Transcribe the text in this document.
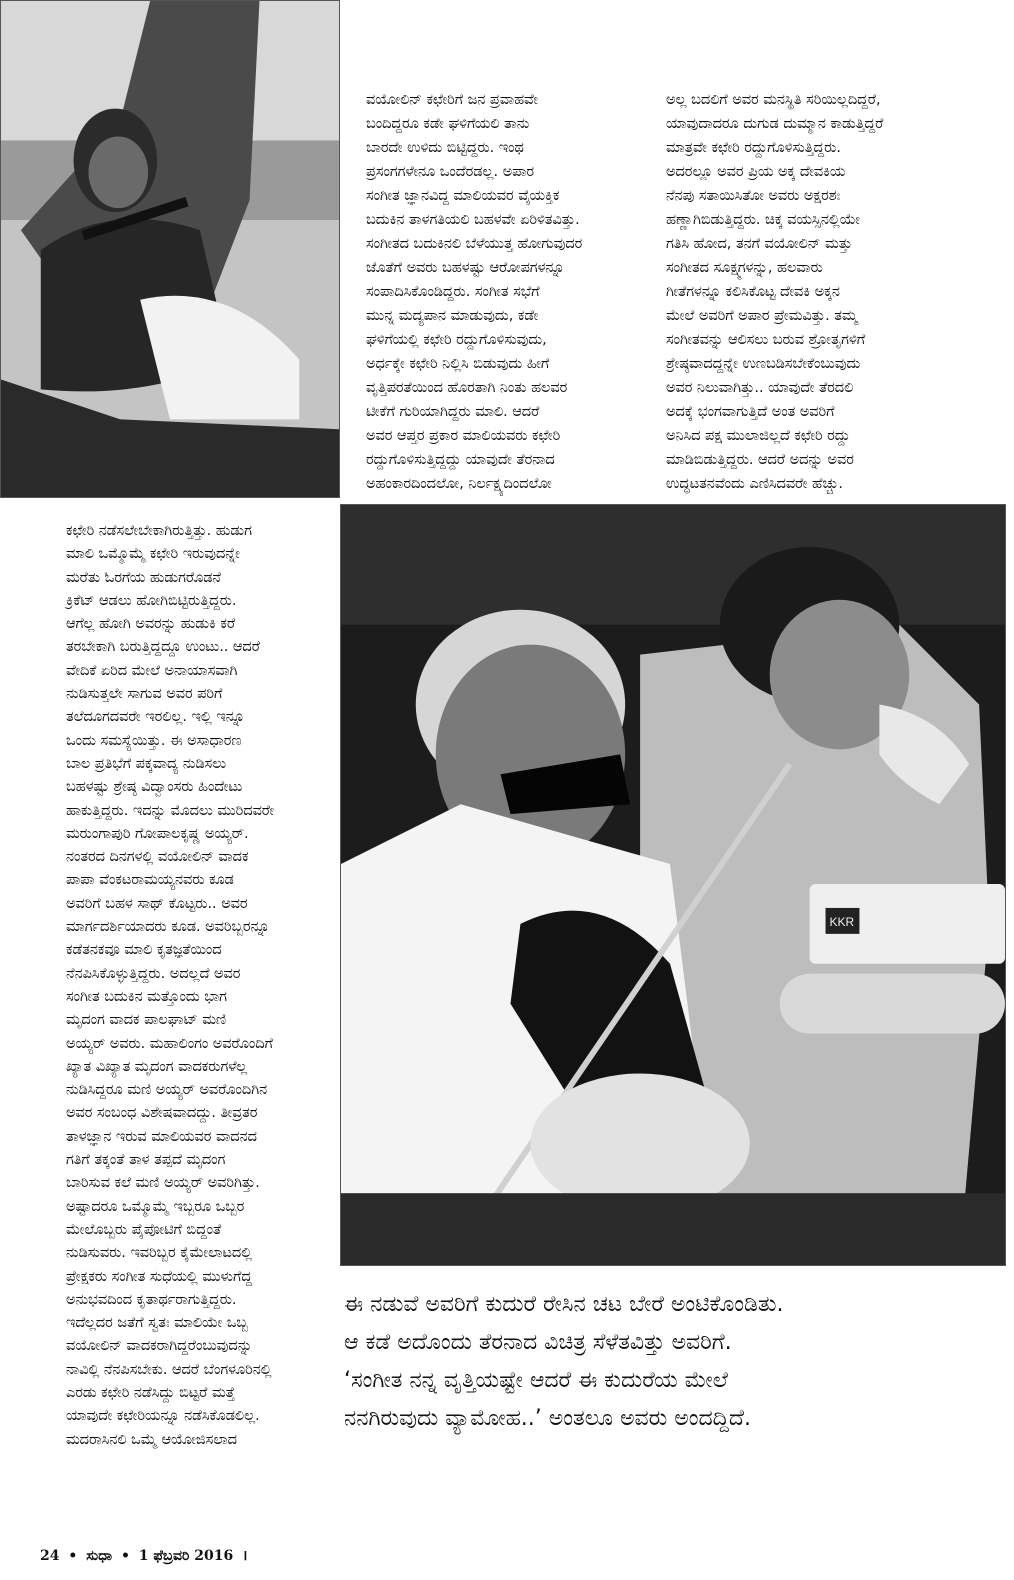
ವಯೋಲಿನ್ ಕಛೇರಿಗೆ ಜನ ಪ್ರವಾಹವೇ

ಬಂದಿದ್ದರೂ ಕಡೇ ಘಳಿಗೆಯಲಿ ತಾನು

ಬಾರದೇ ಉಳಿದು ಬಿಟ್ಟಿದ್ದರು. ಇಂಥ

ಪ್ರಸಂಗಗಳೇನೂ ಒಂದೆರಡಲ್ಲ. ಅಪಾರ

ಸಂಗೀತ ಜ್ಞಾನವಿದ್ದ ಮಾಲಿಯವರ ವೈಯಕ್ತಿಕ

ಬದುಕಿನ ತಾಳಗತಿಯಲಿ ಬಹಳವೇ ಏರಿಳಿತವಿತ್ತು.

ಸಂಗೀತದ ಬದುಕಿನಲಿ ಬೆಳೆಯುತ್ತ ಹೋಗುವುದರ

ಜೊತೆಗೆ ಅವರು ಬಹಳಷ್ಟು ಆರೋಪಗಳನ್ನೂ

ಸಂಪಾದಿಸಿಕೊಂಡಿದ್ದರು. ಸಂಗೀತ ಸಭೆಗೆ

ಮುನ್ನ ಮದ್ಯಪಾನ ಮಾಡುವುದು, ಕಡೇ

ಘಳಿಗೆಯಲ್ಲಿ ಕಛೇರಿ ರದ್ದುಗೊಳಿಸುವುದು,

ಅರ್ಧಕ್ಕೇ ಕಛೇರಿ ನಿಲ್ಲಿಸಿ ಬಿಡುವುದು ಹೀಗೆ

ವೃತ್ತಿಪರತೆಯಿಂದ ಹೊರತಾಗಿ ನಿಂತು ಹಲವರ

ಟೀಕೆಗೆ ಗುರಿಯಾಗಿದ್ದರು ಮಾಲಿ. ಆದರೆ

ಅವರ ಆಪ್ತರ ಪ್ರಕಾರ ಮಾಲಿಯವರು ಕಛೇರಿ

ರದ್ದುಗೊಳಿಸುತ್ತಿದ್ದದ್ದು ಯಾವುದೇ ತೆರನಾದ

ಅಹಂಕಾರದಿಂದಲೋ, ನಿರ್ಲಕ್ಷ್ಯದಿಂದಲೋ

ಅಲ್ಲ ಬದಲಿಗೆ ಅವರ ಮನಸ್ಥಿತಿ ಸರಿಯಿಲ್ಲದಿದ್ದರೆ,

ಯಾವುದಾದರೂ ದುಗುಡ ದುಮ್ಮಾನ ಕಾಡುತ್ತಿದ್ದರೆ

ಮಾತ್ರವೇ ಕಛೇರಿ ರದ್ದುಗೊಳಿಸುತ್ತಿದ್ದರು.

ಅದರಲ್ಲೂ ಅವರ ಪ್ರಿಯ ಅಕ್ಕ ದೇವಕಿಯ

ನೆನಪು ಸತಾಯಿಸಿತೋ ಅವರು ಅಕ್ಷರಶಃ

ಹಣ್ಣಾಗಿಬಿಡುತ್ತಿದ್ದರು. ಚಿಕ್ಕ ವಯಸ್ಸಿನಲ್ಲಿಯೇ

ಗತಿಸಿ ಹೋದ, ತನಗೆ ವಯೋಲಿನ್ ಮತ್ತು

ಸಂಗೀತದ ಸೂಕ್ಷ್ಮಗಳನ್ನು, ಹಲವಾರು

ಗೀತೆಗಳನ್ನೂ ಕಲಿಸಿಕೊಟ್ಟ ದೇವಕಿ ಅಕ್ಕನ

ಮೇಲೆ ಅವರಿಗೆ ಅಪಾರ ಪ್ರೇಮವಿತ್ತು. ತಮ್ಮ

ಸಂಗೀತವನ್ನು ಆಲಿಸಲು ಬರುವ ಶ್ರೋತೃಗಳಿಗೆ

ಶ್ರೇಷ್ಠವಾದದ್ದನ್ನೇ ಉಣಬಡಿಸಬೇಕೆಂಬುವುದು

ಅವರ ನಿಲುವಾಗಿತ್ತು.. ಯಾವುದೇ ತೆರದಲಿ

ಅದಕ್ಕೆ ಭಂಗವಾಗುತ್ತಿದೆ ಅಂತ ಅವರಿಗೆ

ಅನಿಸಿದ ಪಕ್ಷ ಮುಲಾಜಿಲ್ಲದೆ ಕಛೇರಿ ರದ್ದು

ಮಾಡಿಬಿಡುತ್ತಿದ್ದರು. ಆದರೆ ಅದನ್ನು ಅವರ

ಉದ್ಧಟತನವೆಂದು ಎಣಿಸಿದವರೇ ಹೆಚ್ಚು.

ಕಛೇರಿ ನಡೆಸಲೇಬೇಕಾಗಿರುತ್ತಿತ್ತು. ಹುಡುಗ

ಮಾಲಿ ಒಮ್ಮೊಮ್ಮೆ ಕಛೇರಿ ಇರುವುದನ್ನೇ

ಮರೆತು ಓರಗೆಯ ಹುಡುಗರೊಡನೆ

ಕ್ರಿಕೆಟ್ ಆಡಲು ಹೋಗಿಬಿಟ್ಟಿರುತ್ತಿದ್ದರು.

ಆಗೆಲ್ಲ ಹೋಗಿ ಅವರನ್ನು ಹುಡುಕಿ ಕರೆ

ತರಬೇಕಾಗಿ ಬರುತ್ತಿದ್ದದ್ದೂ ಉಂಟು.. ಆದರೆ

ವೇದಿಕೆ ಏರಿದ ಮೇಲೆ ಅನಾಯಾಸವಾಗಿ

ನುಡಿಸುತ್ತಲೇ ಸಾಗುವ ಅವರ ಪರಿಗೆ

ತಲೆದೂಗದವರೇ ಇರಲಿಲ್ಲ. ಇಲ್ಲಿ ಇನ್ನೂ

ಒಂದು ಸಮಸ್ಯೆಯಿತ್ತು. ಈ ಅಸಾಧಾರಣ

ಬಾಲ ಪ್ರತಿಭೆಗೆ ಪಕ್ಕವಾದ್ಯ ನುಡಿಸಲು

ಬಹಳಷ್ಟು ಶ್ರೇಷ್ಠ ವಿದ್ವಾಂಸರು ಹಿಂದೇಟು

ಹಾಕುತ್ತಿದ್ದರು. ಇದನ್ನು ಮೊದಲು ಮುರಿದವರೇ

ಮರುಂಗಾಪುರಿ ಗೋಪಾಲಕೃಷ್ಣ ಅಯ್ಯರ್.

ನಂತರದ ದಿನಗಳಲ್ಲಿ ವಯೋಲಿನ್ ವಾದಕ

ಪಾಪಾ ವೆಂಕಟರಾಮಯ್ಯನವರು ಕೂಡ

ಅವರಿಗೆ ಬಹಳ ಸಾಥ್ ಕೊಟ್ಟರು.. ಅವರ

ಮಾರ್ಗದರ್ಶಿಯಾದರು ಕೂಡ. ಅವರಿಬ್ಬರನ್ನೂ

ಕಡೆತನಕವೂ ಮಾಲಿ ಕೃತಜ್ಞತೆಯಿಂದ

ನೆನಪಿಸಿಕೊಳ್ಳುತ್ತಿದ್ದರು. ಅದಲ್ಲದೆ ಅವರ

ಸಂಗೀತ ಬದುಕಿನ ಮತ್ತೊಂದು ಭಾಗ

ಮೃದಂಗ ವಾದಕ ಪಾಲಘಾಟ್ ಮಣಿ

ಅಯ್ಯರ್ ಅವರು. ಮಹಾಲಿಂಗಂ ಅವರೊಂದಿಗೆ

ಖ್ಯಾತ ವಿಖ್ಯಾತ ಮೃದಂಗ ವಾದಕರುಗಳೆಲ್ಲ

ನುಡಿಸಿದ್ದರೂ ಮಣಿ ಅಯ್ಯರ್ ಅವರೊಂದಿಗಿನ

ಅವರ ಸಂಬಂಧ ವಿಶೇಷವಾದದ್ದು. ತೀವ್ರತರ

ತಾಳಜ್ಞಾನ ಇರುವ ಮಾಲಿಯವರ ವಾದನದ

ಗತಿಗೆ ತಕ್ಕಂತೆ ತಾಳ ತಪ್ಪದೆ ಮೃದಂಗ

ಬಾರಿಸುವ ಕಲೆ ಮಣಿ ಅಯ್ಯರ್ ಅವರಿಗಿತ್ತು.

ಅಷ್ಟಾದರೂ ಒಮ್ಮೊಮ್ಮೆ ಇಬ್ಬರೂ ಒಬ್ಬರ

ಮೇಲೊಬ್ಬರು ಪೈಪೋಟಿಗೆ ಬಿದ್ದಂತೆ

ನುಡಿಸುವರು. ಇವರಿಬ್ಬರ ಕೈಮೇಲಾಟದಲ್ಲಿ

ಪ್ರೇಕ್ಷಕರು ಸಂಗೀತ ಸುಧೆಯಲ್ಲಿ ಮುಳುಗೆದ್ದ

ಅನುಭವದಿಂದ ಕೃತಾರ್ಥರಾಗುತ್ತಿದ್ದರು.

ಇದೆಲ್ಲದರ ಜತೆಗೆ ಸ್ವತಃ ಮಾಲಿಯೇ ಒಬ್ಬ

ವಯೋಲಿನ್ ವಾದಕರಾಗಿದ್ದರೆಂಬುವುದನ್ನು

ನಾವಿಲ್ಲಿ ನೆನಪಿಸಬೇಕು. ಆದರೆ ಬೆಂಗಳೂರಿನಲ್ಲಿ

ಎರಡು ಕಛೇರಿ ನಡೆಸಿದ್ದು ಬಿಟ್ಟರೆ ಮತ್ತೆ

ಯಾವುದೇ ಕಛೇರಿಯನ್ನೂ ನಡೆಸಿಕೊಡಲಿಲ್ಲ.

ಮದರಾಸಿನಲಿ ಒಮ್ಮೆ ಆಯೋಜಿಸಲಾದ

KKR

ಈ ನಡುವೆ ಅವರಿಗೆ ಕುದುರೆ ರೇಸಿನ ಚಟ ಬೇರೆ ಅಂಟಿಕೊಂಡಿತು.

ಆ ಕಡೆ ಅದೊಂದು ತೆರನಾದ ವಿಚಿತ್ರ ಸೆಳೆತವಿತ್ತು ಅವರಿಗೆ.

‘ಸಂಗೀತ ನನ್ನ ವೃತ್ತಿಯಷ್ಟೇ ಆದರೆ ಈ ಕುದುರೆಯ ಮೇಲೆ

ನನಗಿರುವುದು ವ್ಯಾಮೋಹ..’ ಅಂತಲೂ ಅವರು ಅಂದದ್ದಿದೆ.

24 • ಸುಧಾ • 1 ಫೆಬ್ರವರಿ 2016 ।
